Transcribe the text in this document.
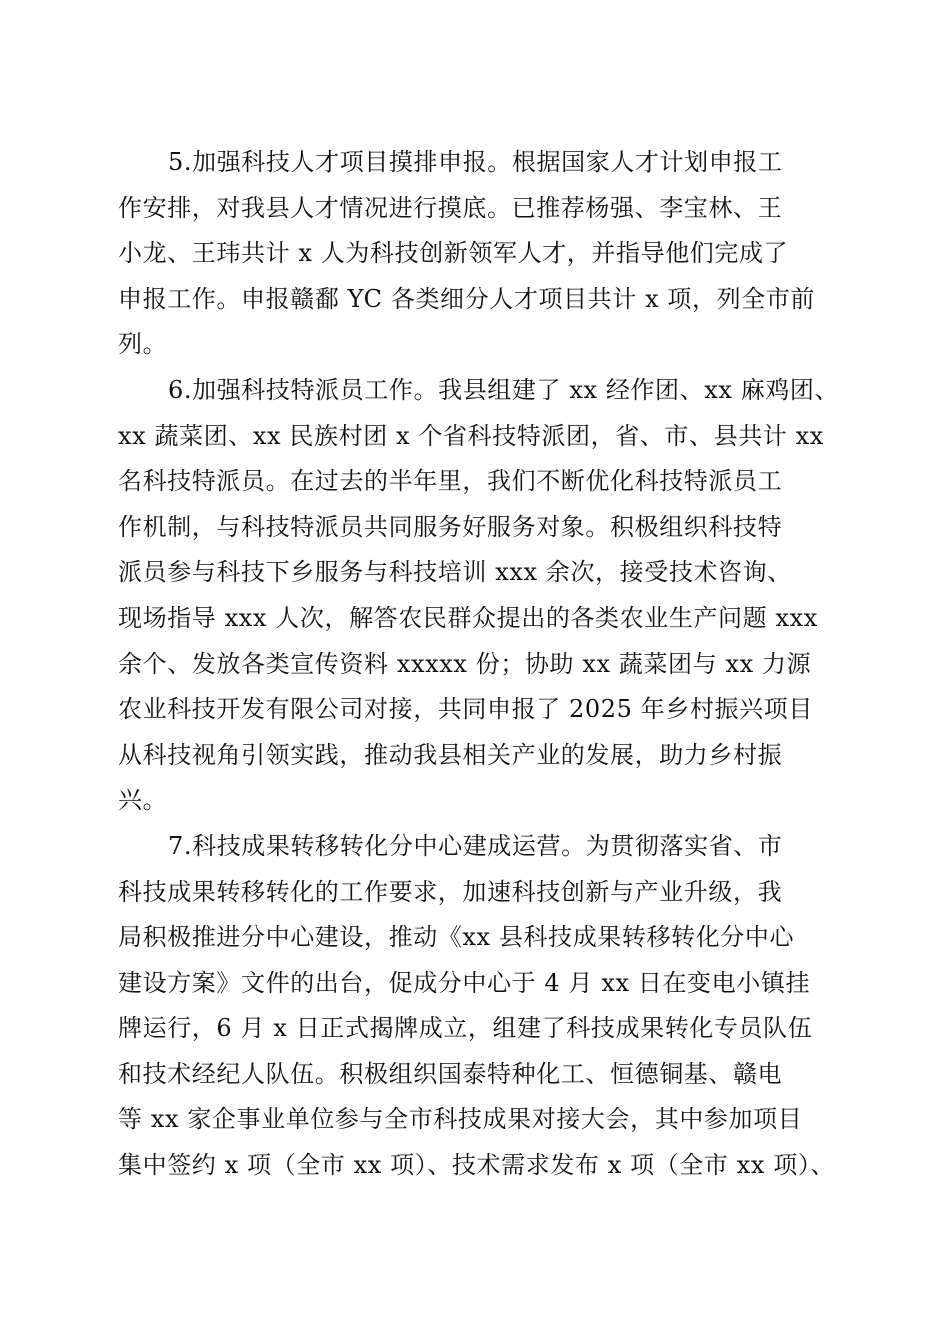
5.加强科技人才项目摸排申报。根据国家人才计划申报工
作安排，对我县人才情况进行摸底。已推荐杨强、李宝林、王
小龙、王玮共计 x 人为科技创新领军人才，并指导他们完成了
申报工作。申报赣鄱 YC 各类细分人才项目共计 x 项，列全市前
列。
6.加强科技特派员工作。我县组建了 xx 经作团、xx 麻鸡团、
xx 蔬菜团、xx 民族村团 x 个省科技特派团，省、市、县共计 xx
名科技特派员。在过去的半年里，我们不断优化科技特派员工
作机制，与科技特派员共同服务好服务对象。积极组织科技特
派员参与科技下乡服务与科技培训 xxx 余次，接受技术咨询、
现场指导 xxx 人次，解答农民群众提出的各类农业生产问题 xxx
余个、发放各类宣传资料 xxxxx 份；协助 xx 蔬菜团与 xx 力源
农业科技开发有限公司对接，共同申报了 2025 年乡村振兴项目
从科技视角引领实践，推动我县相关产业的发展，助力乡村振
兴。
7.科技成果转移转化分中心建成运营。为贯彻落实省、市
科技成果转移转化的工作要求，加速科技创新与产业升级，我
局积极推进分中心建设，推动《xx 县科技成果转移转化分中心
建设方案》文件的出台，促成分中心于 4 月 xx 日在变电小镇挂
牌运行，6 月 x 日正式揭牌成立，组建了科技成果转化专员队伍
和技术经纪人队伍。积极组织国泰特种化工、恒德铜基、赣电
等 xx 家企事业单位参与全市科技成果对接大会，其中参加项目
集中签约 x 项（全市 xx 项）、技术需求发布 x 项（全市 xx 项）、
